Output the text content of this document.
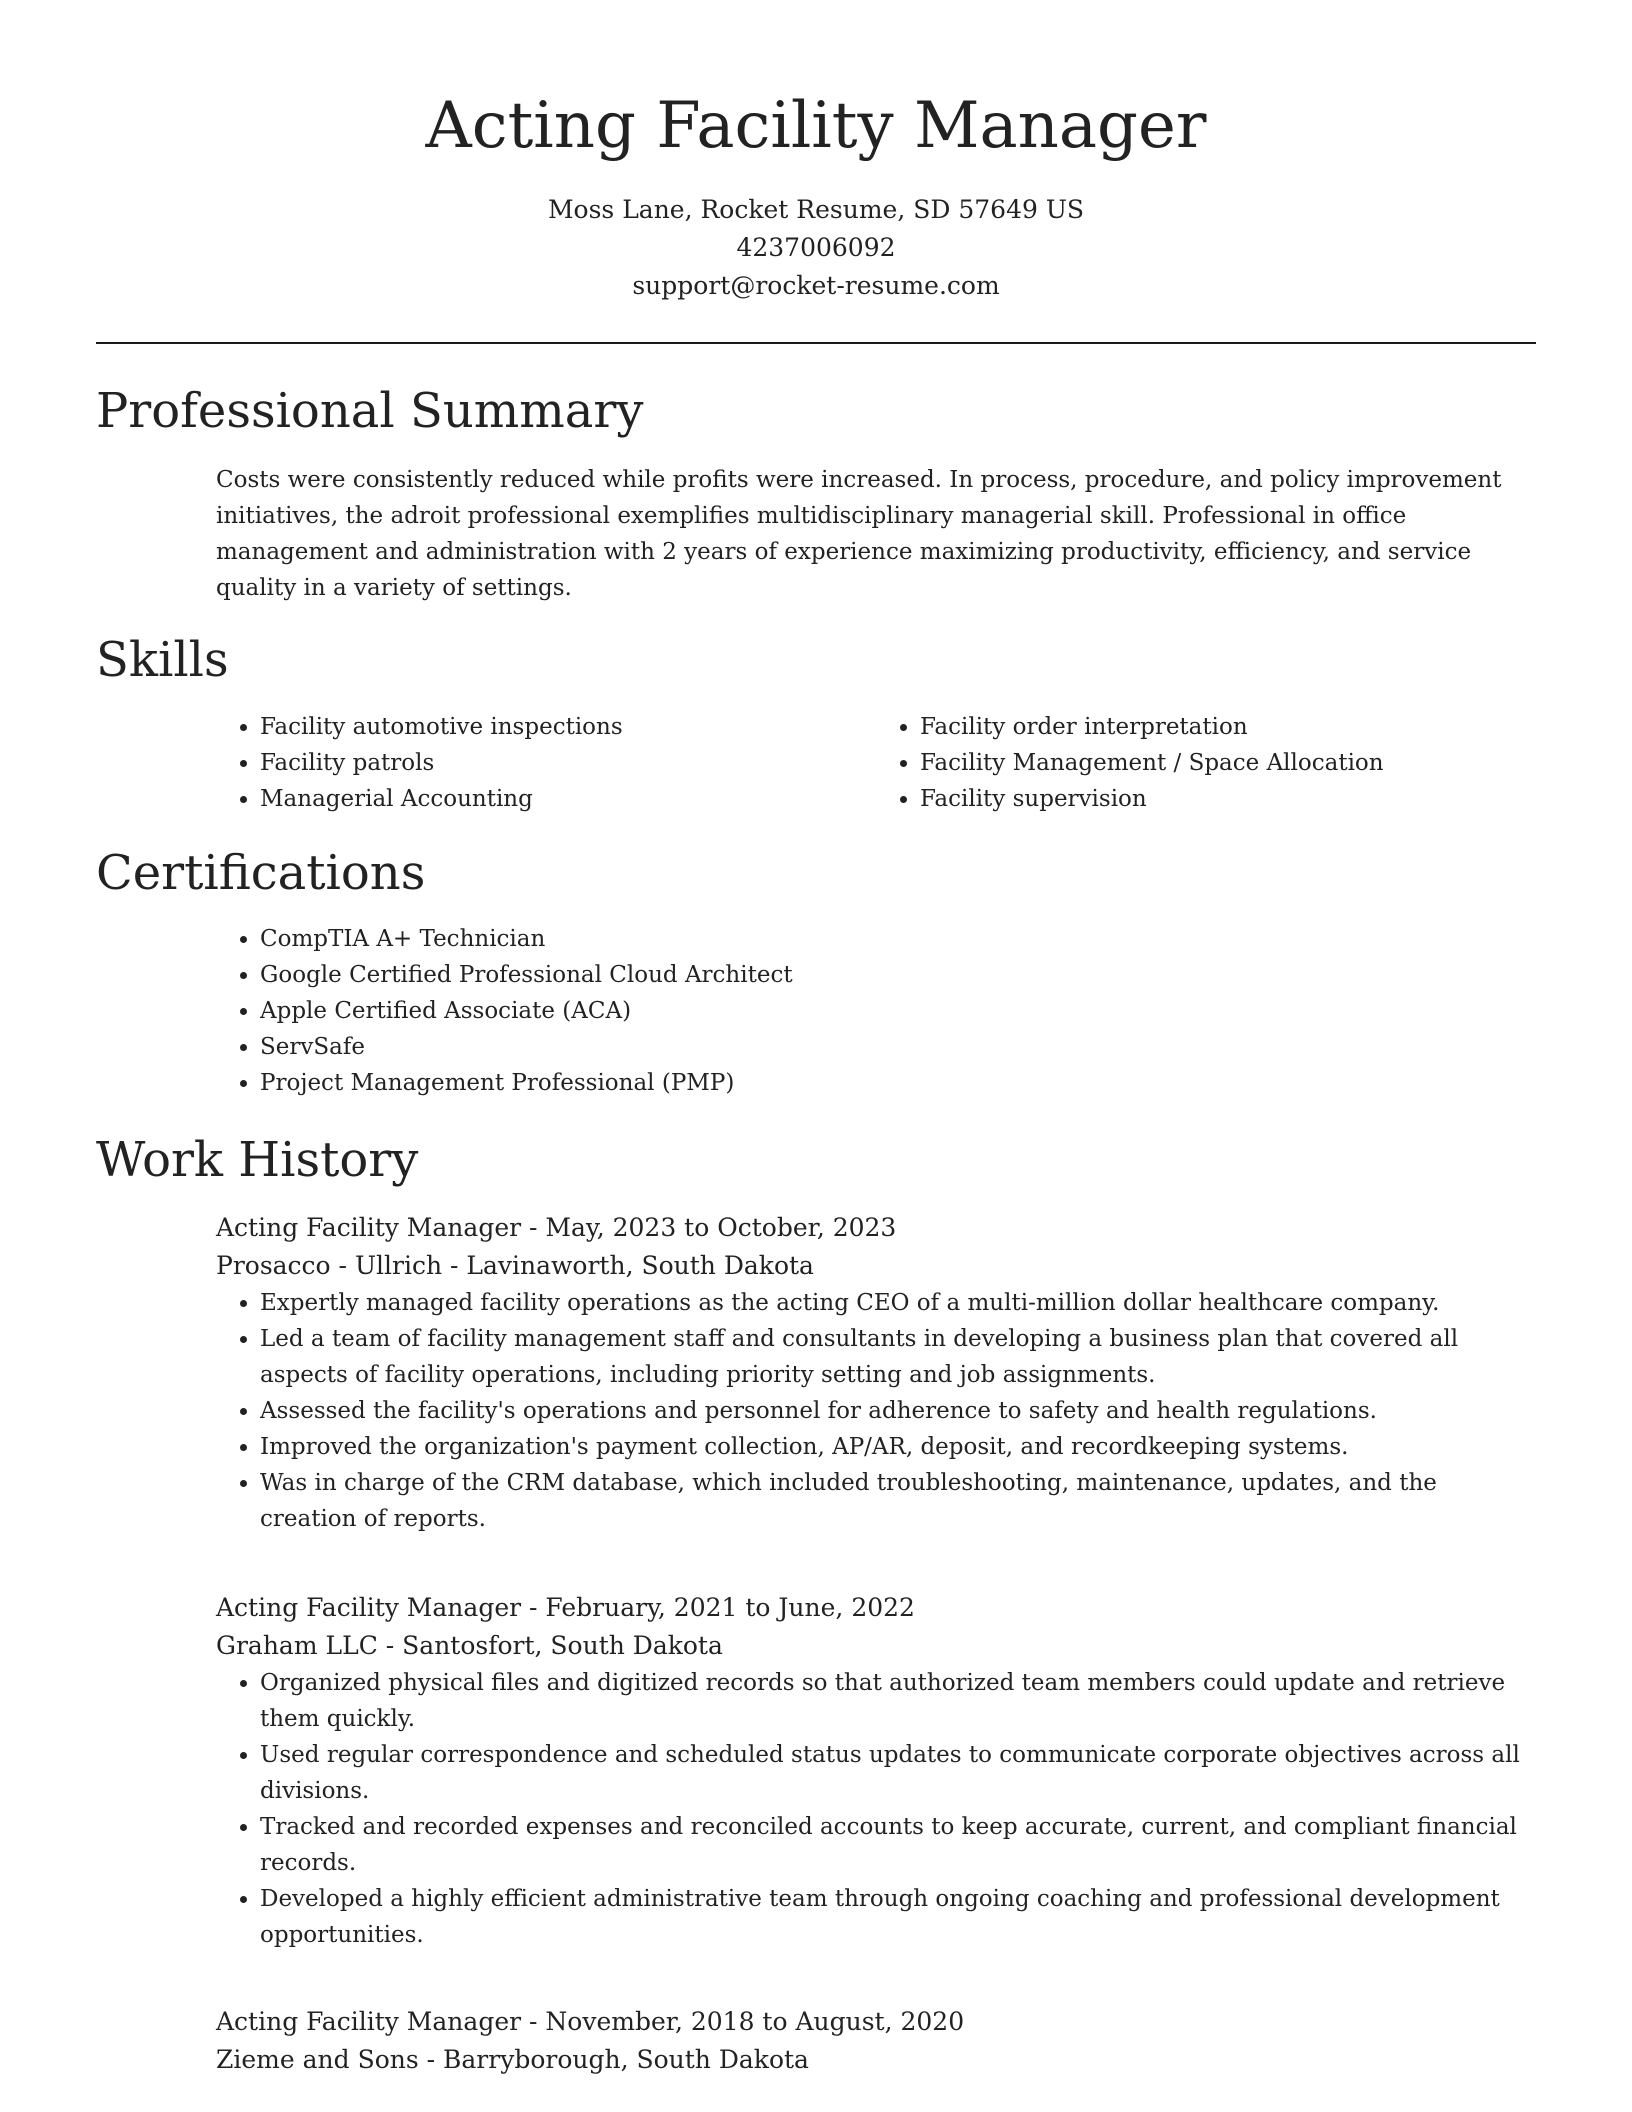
Acting Facility Manager
Moss Lane, Rocket Resume, SD 57649 US
4237006092
support@rocket-resume.com
Professional Summary

Costs were consistently reduced while profits were increased. In process, procedure, and policy improvement initiatives, the adroit professional exemplifies multidisciplinary managerial skill. Professional in office management and administration with 2 years of experience maximizing productivity, efficiency, and service quality in a variety of settings.

Skills
• Facility automotive inspections
• Facility patrols
• Managerial Accounting
• Facility order interpretation
• Facility Management / Space Allocation
• Facility supervision
Certifications
• CompTIA A+ Technician
• Google Certified Professional Cloud Architect
• Apple Certified Associate (ACA)
• ServSafe
• Project Management Professional (PMP)
Work History
Acting Facility Manager - May, 2023 to October, 2023
Prosacco - Ullrich - Lavinaworth, South Dakota
• Expertly managed facility operations as the acting CEO of a multi-million dollar healthcare company.
• Led a team of facility management staff and consultants in developing a business plan that covered all aspects of facility operations, including priority setting and job assignments.
• Assessed the facility's operations and personnel for adherence to safety and health regulations.
• Improved the organization's payment collection, AP/AR, deposit, and recordkeeping systems.
• Was in charge of the CRM database, which included troubleshooting, maintenance, updates, and the creation of reports.
Acting Facility Manager - February, 2021 to June, 2022
Graham LLC - Santosfort, South Dakota
• Organized physical files and digitized records so that authorized team members could update and retrieve them quickly.
• Used regular correspondence and scheduled status updates to communicate corporate objectives across all divisions.
• Tracked and recorded expenses and reconciled accounts to keep accurate, current, and compliant financial records.
• Developed a highly efficient administrative team through ongoing coaching and professional development opportunities.
Acting Facility Manager - November, 2018 to August, 2020
Zieme and Sons - Barryborough, South Dakota
